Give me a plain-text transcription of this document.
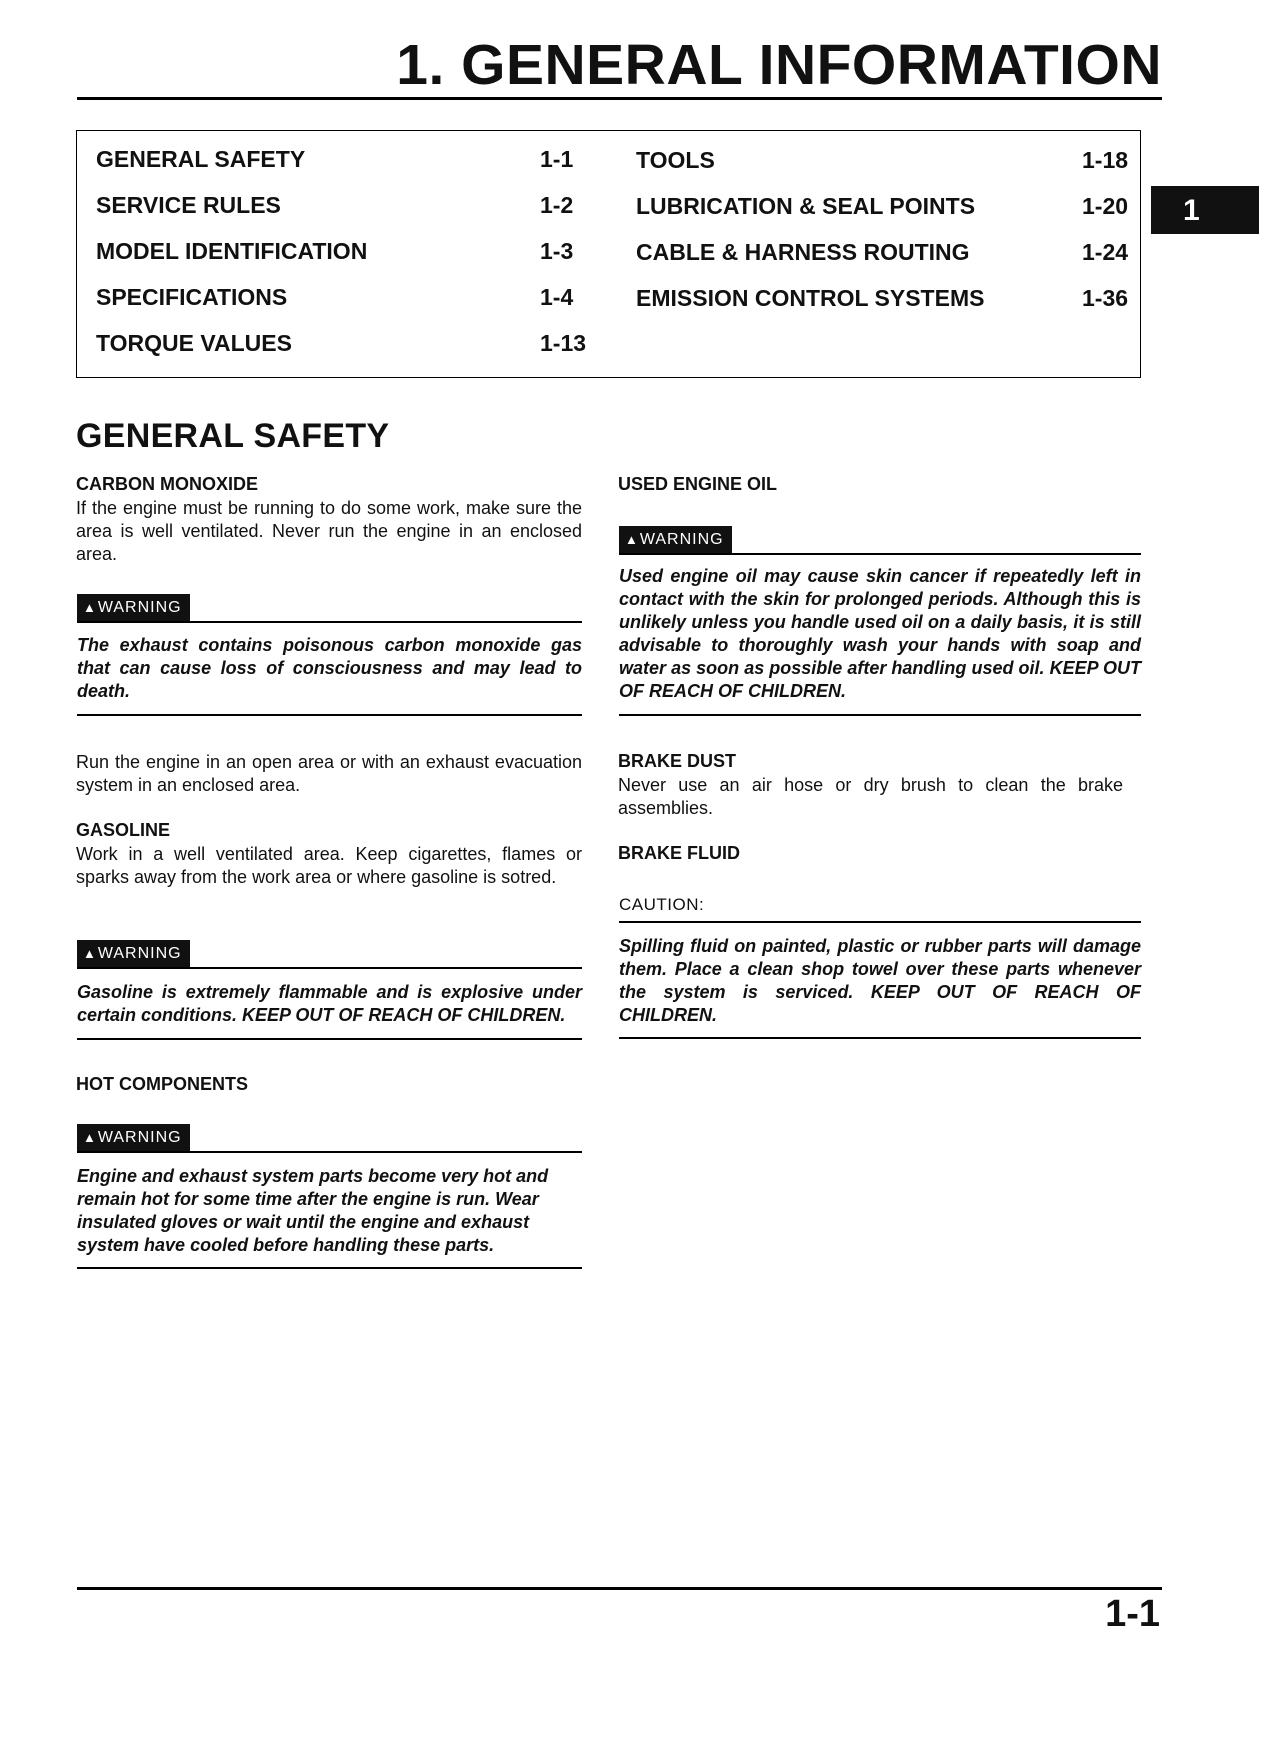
1. GENERAL INFORMATION
GENERAL SAFETY	1-1
SERVICE RULES	1-2
MODEL IDENTIFICATION	1-3
SPECIFICATIONS	1-4
TORQUE VALUES	1-13
TOOLS	1-18
LUBRICATION & SEAL POINTS	1-20
CABLE & HARNESS ROUTING	1-24
EMISSION CONTROL SYSTEMS	1-36
1
GENERAL SAFETY
CARBON MONOXIDE
If the engine must be running to do some work, make sure the area is well ventilated. Never run the engine in an enclosed area.
▲WARNING
The exhaust contains poisonous carbon monoxide gas that can cause loss of consciousness and may lead to death.
Run the engine in an open area or with an exhaust evacuation system in an enclosed area.
GASOLINE
Work in a well ventilated area. Keep cigarettes, flames or sparks away from the work area or where gasoline is sotred.
▲WARNING
Gasoline is extremely flammable and is explosive under certain conditions. KEEP OUT OF REACH OF CHILDREN.
HOT COMPONENTS
▲WARNING
Engine and exhaust system parts become very hot and remain hot for some time after the engine is run. Wear insulated gloves or wait until the engine and exhaust system have cooled before handling these parts.
USED ENGINE OIL
▲WARNING
Used engine oil may cause skin cancer if repeatedly left in contact with the skin for prolonged periods. Although this is unlikely unless you handle used oil on a daily basis, it is still advisable to thoroughly wash your hands with soap and water as soon as possible after handling used oil. KEEP OUT OF REACH OF CHILDREN.
BRAKE DUST
Never use an air hose or dry brush to clean the brake assemblies.
BRAKE FLUID
CAUTION:
Spilling fluid on painted, plastic or rubber parts will damage them. Place a clean shop towel over these parts whenever the system is serviced. KEEP OUT OF REACH OF CHILDREN.
1-1
